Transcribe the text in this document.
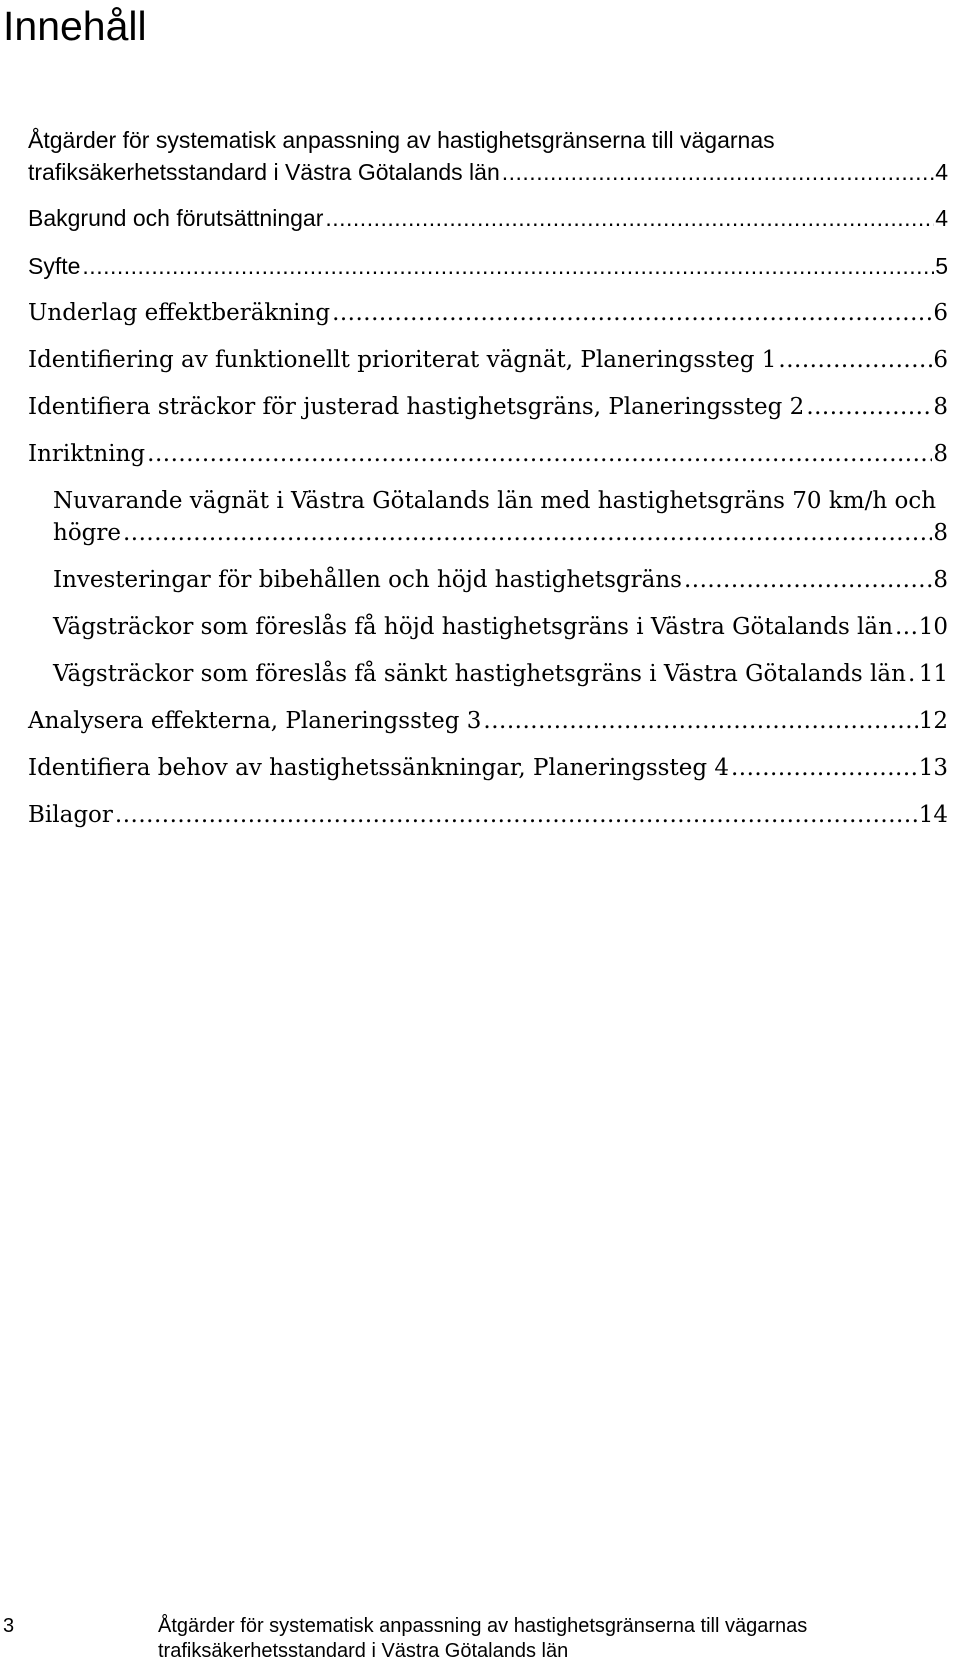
Innehåll
Åtgärder för systematisk anpassning av hastighetsgränserna till vägarnas
trafiksäkerhetsstandard i Västra Götalands län .....	4
Bakgrund och förutsättningar .....	4
Syfte .....	5
Underlag effektberäkning .....	6
Identifiering av funktionellt prioriterat vägnät, Planeringssteg 1 .....	6
Identifiera sträckor för justerad hastighetsgräns, Planeringssteg 2 .....	8
Inriktning .....	8
Nuvarande vägnät i Västra Götalands län med hastighetsgräns 70 km/h och
högre .....	8
Investeringar för bibehållen och höjd hastighetsgräns .....	8
Vägsträckor som föreslås få höjd hastighetsgräns i Västra Götalands län ..... 10
Vägsträckor som föreslås få sänkt hastighetsgräns i Västra Götalands län ..... 11
Analysera effekterna, Planeringssteg 3 .....	12
Identifiera behov av hastighetssänkningar, Planeringssteg 4 .....	13
Bilagor .....	14
3	Åtgärder för systematisk anpassning av hastighetsgränserna till vägarnas trafiksäkerhetsstandard i Västra Götalands län
